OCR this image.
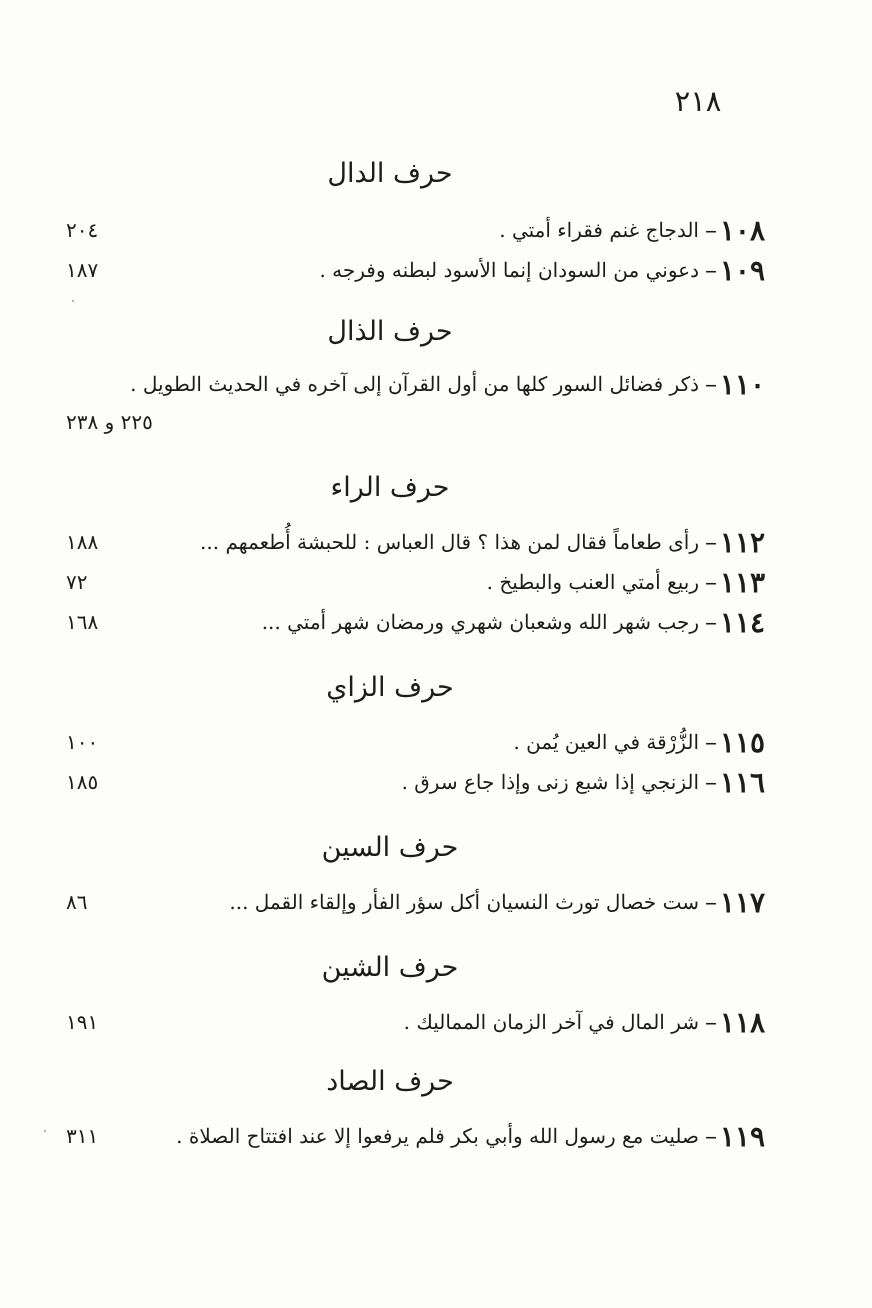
٢١٨
حرف الدال
١٠٨
–
الدجاج غنم فقراء أمتي .
٢٠٤
١٠٩
–
دعوني من السودان إنما الأسود لبطنه وفرجه .
١٨٧
حرف الذال
١١٠
–
ذكر فضائل السور كلها من أول القرآن إلى آخره في الحديث الطويل .
٢٢٥ و ٢٣٨
حرف الراء
١١٢
–
رأى طعاماً فقال لمن هذا ؟ قال العباس : للحبشة أُطعمهم ...
١٨٨
١١٣
–
ربيع أمتي العنب والبطيخ .
٧٢
١١٤
–
رجب شهر الله وشعبان شهري ورمضان شهر أمتي ...
١٦٨
حرف الزاي
١١٥
–
الزُّرْقة في العين يُمن .
١٠٠
١١٦
–
الزنجي إذا شبع زنى وإذا جاع سرق .
١٨٥
حرف السين
١١٧
–
ست خصال تورث النسيان أكل سؤر الفأر وإلقاء القمل ...
٨٦
حرف الشين
١١٨
–
شر المال في آخر الزمان المماليك .
١٩١
حرف الصاد
١١٩
–
صليت مع رسول الله وأبي بكر فلم يرفعوا إلا عند افتتاح الصلاة .
٣١١
